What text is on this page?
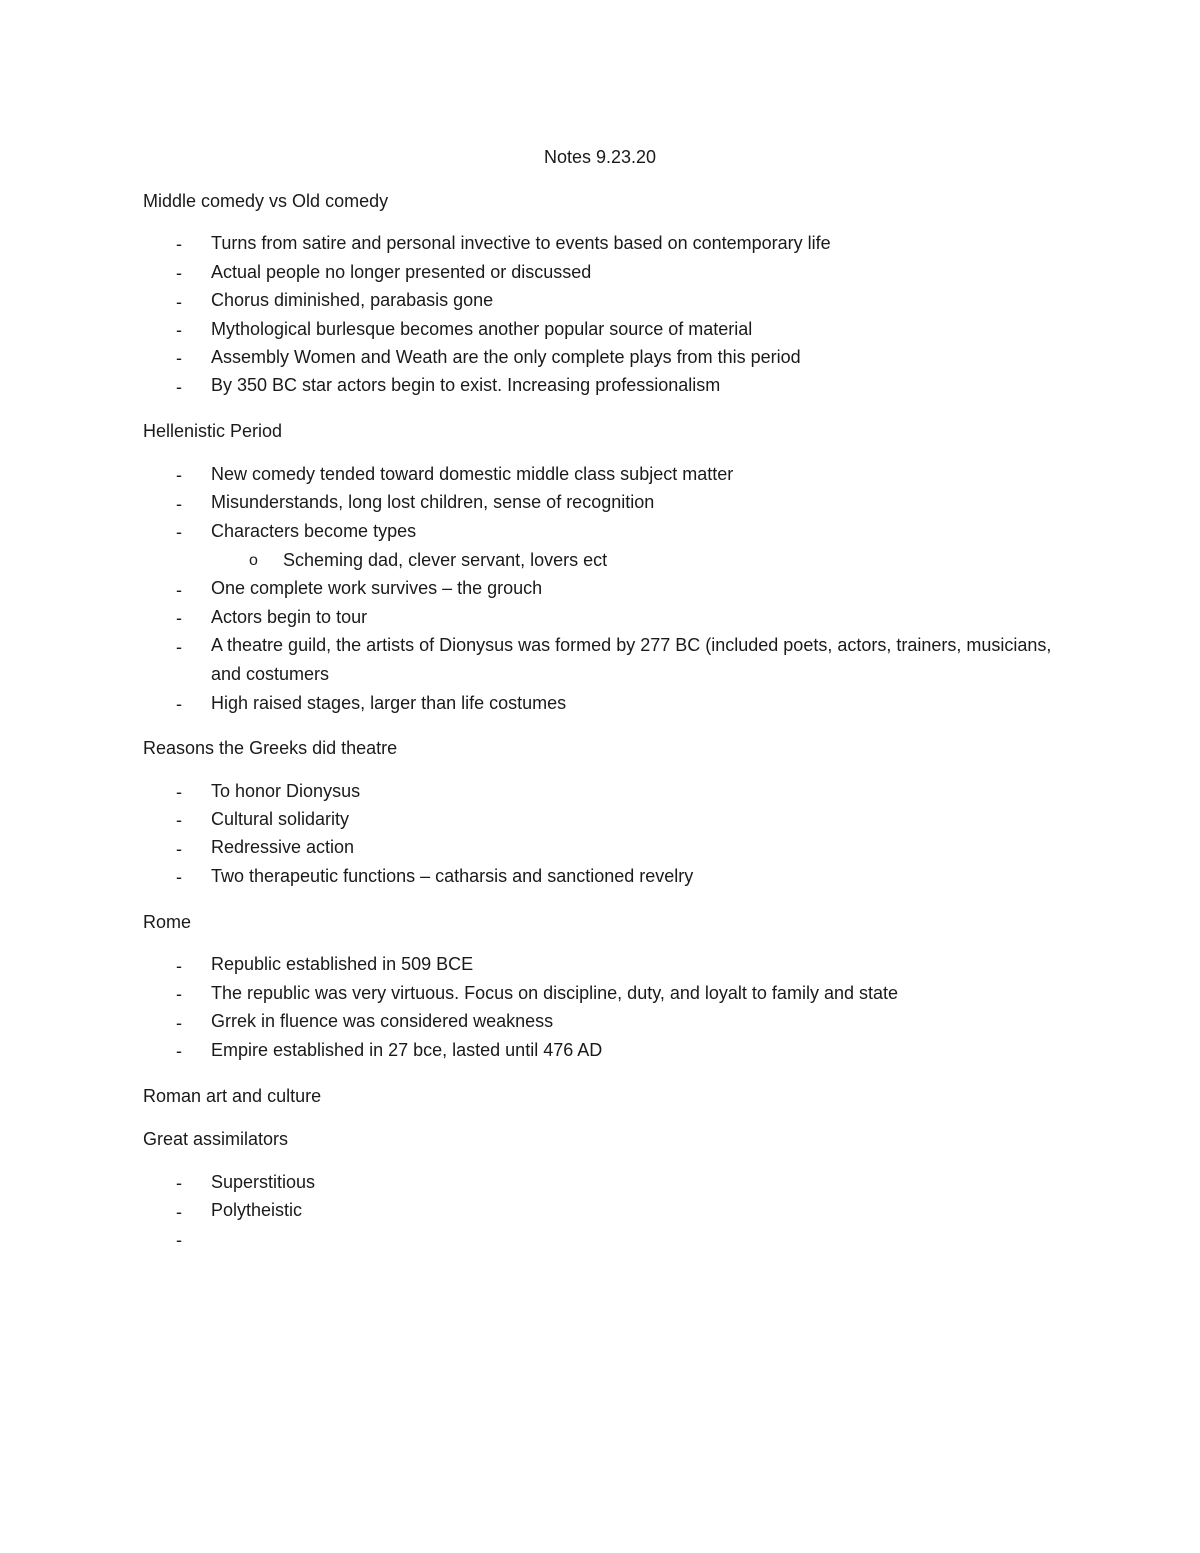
Notes 9.23.20
Middle comedy vs Old comedy
- Turns from satire and personal invective to events based on contemporary life
- Actual people no longer presented or discussed
- Chorus diminished, parabasis gone
- Mythological burlesque becomes another popular source of material
- Assembly Women and Weath are the only complete plays from this period
- By 350 BC star actors begin to exist. Increasing professionalism
Hellenistic Period
- New comedy tended toward domestic middle class subject matter
- Misunderstands, long lost children, sense of recognition
- Characters become types
o Scheming dad, clever servant, lovers ect
- One complete work survives – the grouch
- Actors begin to tour
- A theatre guild, the artists of Dionysus was formed by 277 BC (included poets, actors, trainers, musicians, and costumers
- High raised stages, larger than life costumes
Reasons the Greeks did theatre
- To honor Dionysus
- Cultural solidarity
- Redressive action
- Two therapeutic functions – catharsis and sanctioned revelry
Rome
- Republic established in 509 BCE
- The republic was very virtuous. Focus on discipline, duty, and loyalt to family and state
- Grrek in fluence was considered weakness
- Empire established in 27 bce, lasted until 476 AD
Roman art and culture
Great assimilators
- Superstitious
- Polytheistic
-
